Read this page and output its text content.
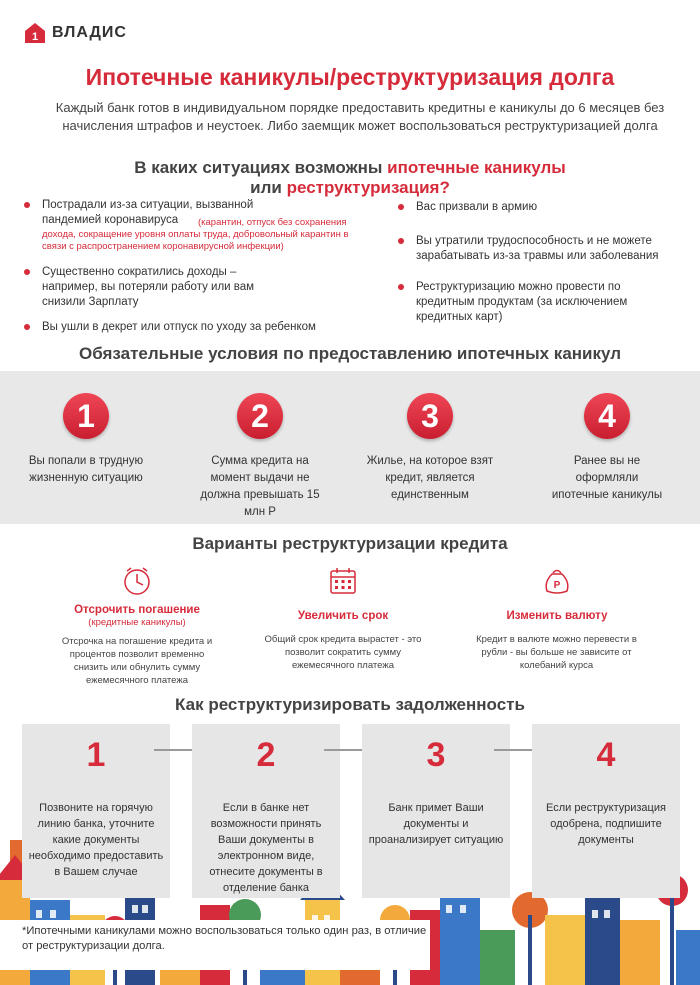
1 ВЛАДИС
Ипотечные каникулы/реструктуризация долга
Каждый банк готов в индивидуальном порядке предоставить кредитны е каникулы до 6 месяцев без начисления штрафов и неустоек. Либо заемщик может воспользоваться реструктуризацией долга
В каких ситуациях возможны ипотечные каникулы
или реструктуризация?
Пострадали из-за ситуации, вызванной пандемией коронавируса	(карантин, отпуск без сохранения дохода, сокращение уровня оплаты труда, добровольный карантин в связи с распространением коронавирусной инфекции)
Существенно сократились доходы – например, вы потеряли работу или вам снизили Зарплату
Вы ушли в декрет или отпуск по уходу за ребенком
Вас призвали в армию
Вы утратили трудоспособность и не можете зарабатывать из-за травмы или заболевания
Реструктуризацию можно провести по кредитным продуктам (за исключением кредитных карт)
Обязательные условия по предоставлению ипотечных каникул
1
Вы попали в трудную жизненную ситуацию
2
Сумма кредита на момент выдачи не должна превышать 15 млн Р
3
Жилье, на которое взят кредит, является единственным
4
Ранее вы не оформляли ипотечные каникулы
Варианты реструктуризации кредита
Отсрочить погашение
(кредитные каникулы)
Отсрочка на погашение кредита и процентов позволит временно снизить или обнулить сумму ежемесячного платежа
Увеличить срок
Общий срок кредита вырастет - это позволит сократить сумму ежемесячного платежа
Р
Изменить валюту
Кредит в валюте можно перевести в рубли - вы больше не зависите от колебаний курса
Как реструктуризировать задолженность
1
Позвоните на горячую линию банка, уточните какие документы необходимо предоставить в Вашем случае
2
Если в банке нет возможности принять Ваши документы в электронном виде, отнесите документы в отделение банка
3
Банк примет Ваши документы и проанализирует ситуацию
4
Если реструктуризация одобрена, подпишите документы
*Ипотечными каникулами можно воспользоваться только один раз, в отличие от реструктуризации долга.
